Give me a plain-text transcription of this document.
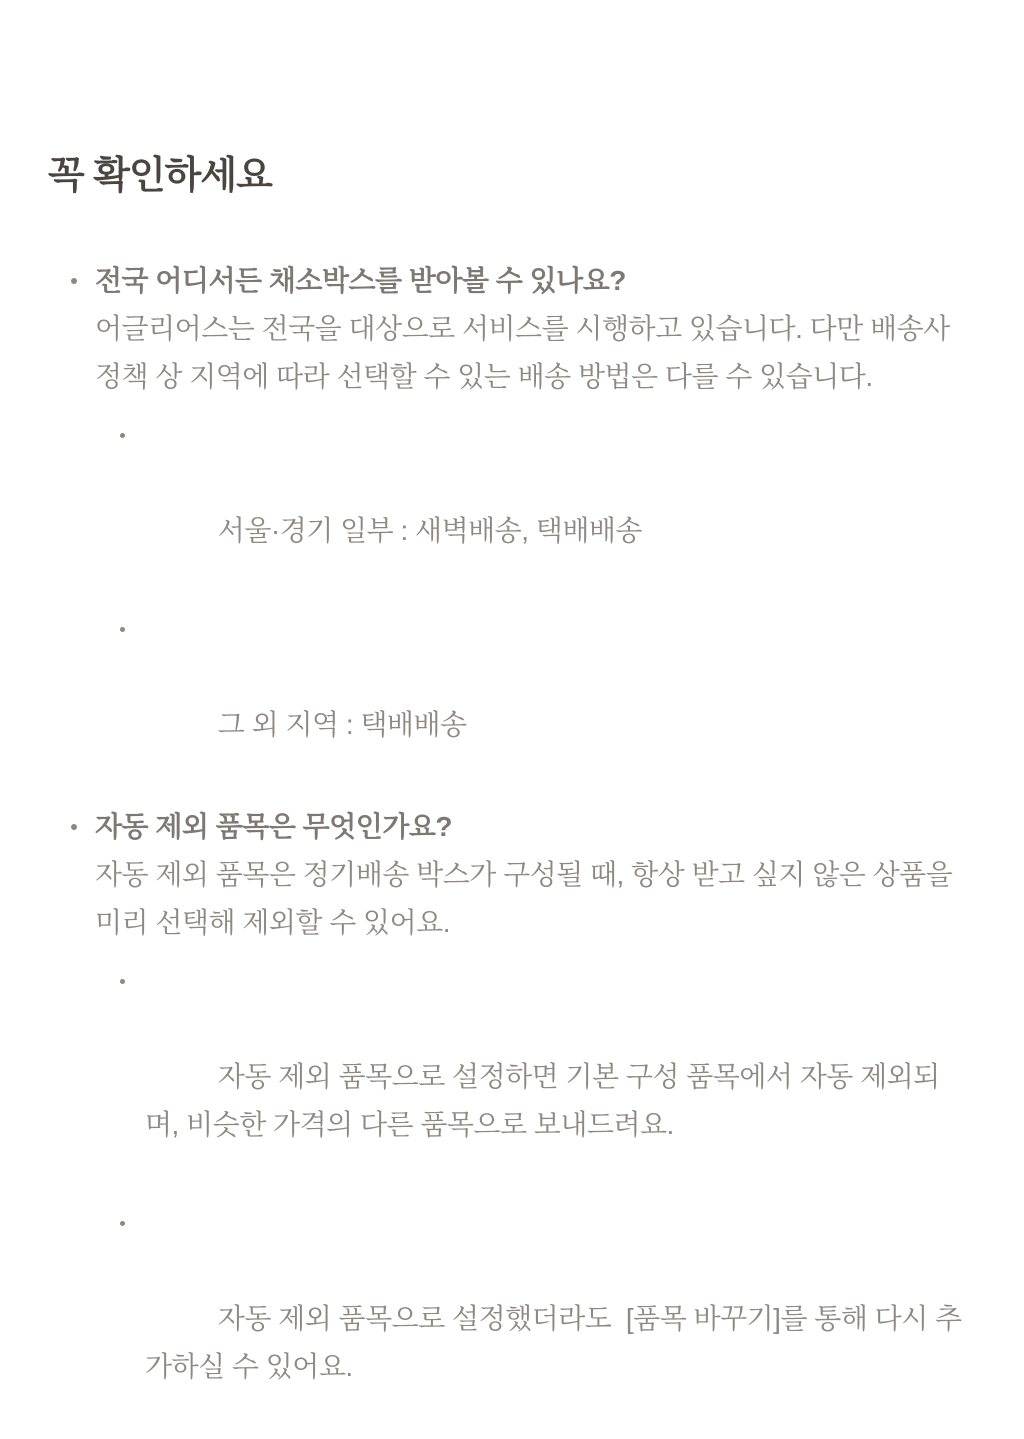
꼭 확인하세요
전국 어디서든 채소박스를 받아볼 수 있나요?

어글리어스는 전국을 대상으로 서비스를 시행하고 있습니다. 다만 배송사 정책 상 지역에 따라 선택할 수 있는 배송 방법은 다를 수 있습니다.

서울·경기 일부 : 새벽배송, 택배배송

그 외 지역 : 택배배송

자동 제외 품목은 무엇인가요?

자동 제외 품목은 정기배송 박스가 구성될 때, 항상 받고 싶지 않은 상품을 미리 선택해 제외할 수 있어요.

자동 제외 품목으로 설정하면 기본 구성 품목에서 자동 제외되며, 비슷한 가격의 다른 품목으로 보내드려요.

자동 제외 품목으로 설정했더라도  [품목 바꾸기]를 통해 다시 추가하실 수 있어요.
